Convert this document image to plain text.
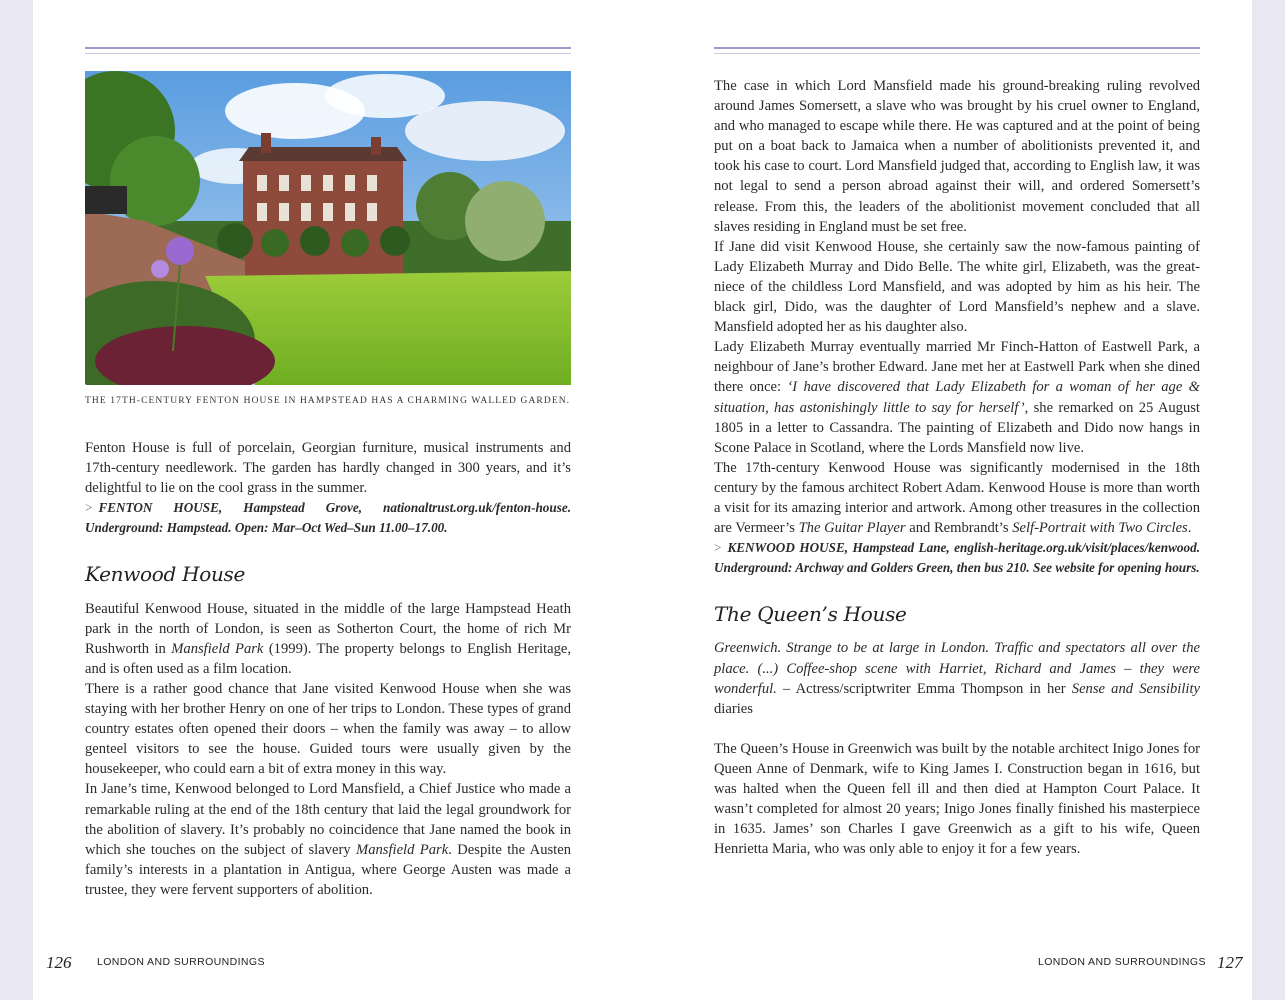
THE 17TH-CENTURY FENTON HOUSE IN HAMPSTEAD HAS A CHARMING WALLED GARDEN.

Fenton House is full of porcelain, Georgian furniture, musical instruments and 17th-century needlework. The garden has hardly changed in 300 years, and it’s delightful to lie on the cool grass in the summer.

> FENTON HOUSE, Hampstead Grove, nationaltrust.org.uk/fenton-house. Underground: Hampstead. Open: Mar–Oct Wed–Sun 11.00–17.00.

Kenwood House

Beautiful Kenwood House, situated in the middle of the large Hampstead Heath park in the north of London, is seen as Sotherton Court, the home of rich Mr Rushworth in Mansfield Park (1999). The property belongs to English Heritage, and is often used as a film location.

There is a rather good chance that Jane visited Kenwood House when she was staying with her brother Henry on one of her trips to London. These types of grand country estates often opened their doors – when the family was away – to allow genteel visitors to see the house. Guided tours were usually given by the housekeeper, who could earn a bit of extra money in this way.

In Jane’s time, Kenwood belonged to Lord Mansfield, a Chief Justice who made a remarkable ruling at the end of the 18th century that laid the legal groundwork for the abolition of slavery. It’s probably no coincidence that Jane named the book in which she touches on the subject of slavery Mansfield Park. Despite the Austen family’s interests in a plantation in Antigua, where George Austen was made a trustee, they were fervent supporters of abolition.

126 LONDON AND SURROUNDINGS

The case in which Lord Mansfield made his ground-breaking ruling revolved around James Somersett, a slave who was brought by his cruel owner to England, and who managed to escape while there. He was captured and at the point of being put on a boat back to Jamaica when a number of abolitionists prevented it, and took his case to court. Lord Mansfield judged that, according to English law, it was not legal to send a person abroad against their will, and ordered Somersett’s release. From this, the leaders of the abolitionist movement concluded that all slaves residing in England must be set free.

If Jane did visit Kenwood House, she certainly saw the now-famous painting of Lady Elizabeth Murray and Dido Belle. The white girl, Elizabeth, was the great-niece of the childless Lord Mansfield, and was adopted by him as his heir. The black girl, Dido, was the daughter of Lord Mansfield’s nephew and a slave. Mansfield adopted her as his daughter also.

Lady Elizabeth Murray eventually married Mr Finch-Hatton of Eastwell Park, a neighbour of Jane’s brother Edward. Jane met her at Eastwell Park when she dined there once: ‘I have discovered that Lady Elizabeth for a woman of her age & situation, has astonishingly little to say for herself’, she remarked on 25 August 1805 in a letter to Cassandra. The painting of Elizabeth and Dido now hangs in Scone Palace in Scotland, where the Lords Mansfield now live.

The 17th-century Kenwood House was significantly modernised in the 18th century by the famous architect Robert Adam. Kenwood House is more than worth a visit for its amazing interior and artwork. Among other treasures in the collection are Vermeer’s The Guitar Player and Rembrandt’s Self-Portrait with Two Circles.

> KENWOOD HOUSE, Hampstead Lane, english-heritage.org.uk/visit/places/kenwood. Underground: Archway and Golders Green, then bus 210. See website for opening hours.

The Queen’s House

Greenwich. Strange to be at large in London. Traffic and spectators all over the place. (...) Coffee-shop scene with Harriet, Richard and James – they were wonderful. – Actress/scriptwriter Emma Thompson in her Sense and Sensibility diaries

The Queen’s House in Greenwich was built by the notable architect Inigo Jones for Queen Anne of Denmark, wife to King James I. Construction began in 1616, but was halted when the Queen fell ill and then died at Hampton Court Palace. It wasn’t completed for almost 20 years; Inigo Jones finally finished his masterpiece in 1635. James’ son Charles I gave Greenwich as a gift to his wife, Queen Henrietta Maria, who was only able to enjoy it for a few years.

LONDON AND SURROUNDINGS 127
